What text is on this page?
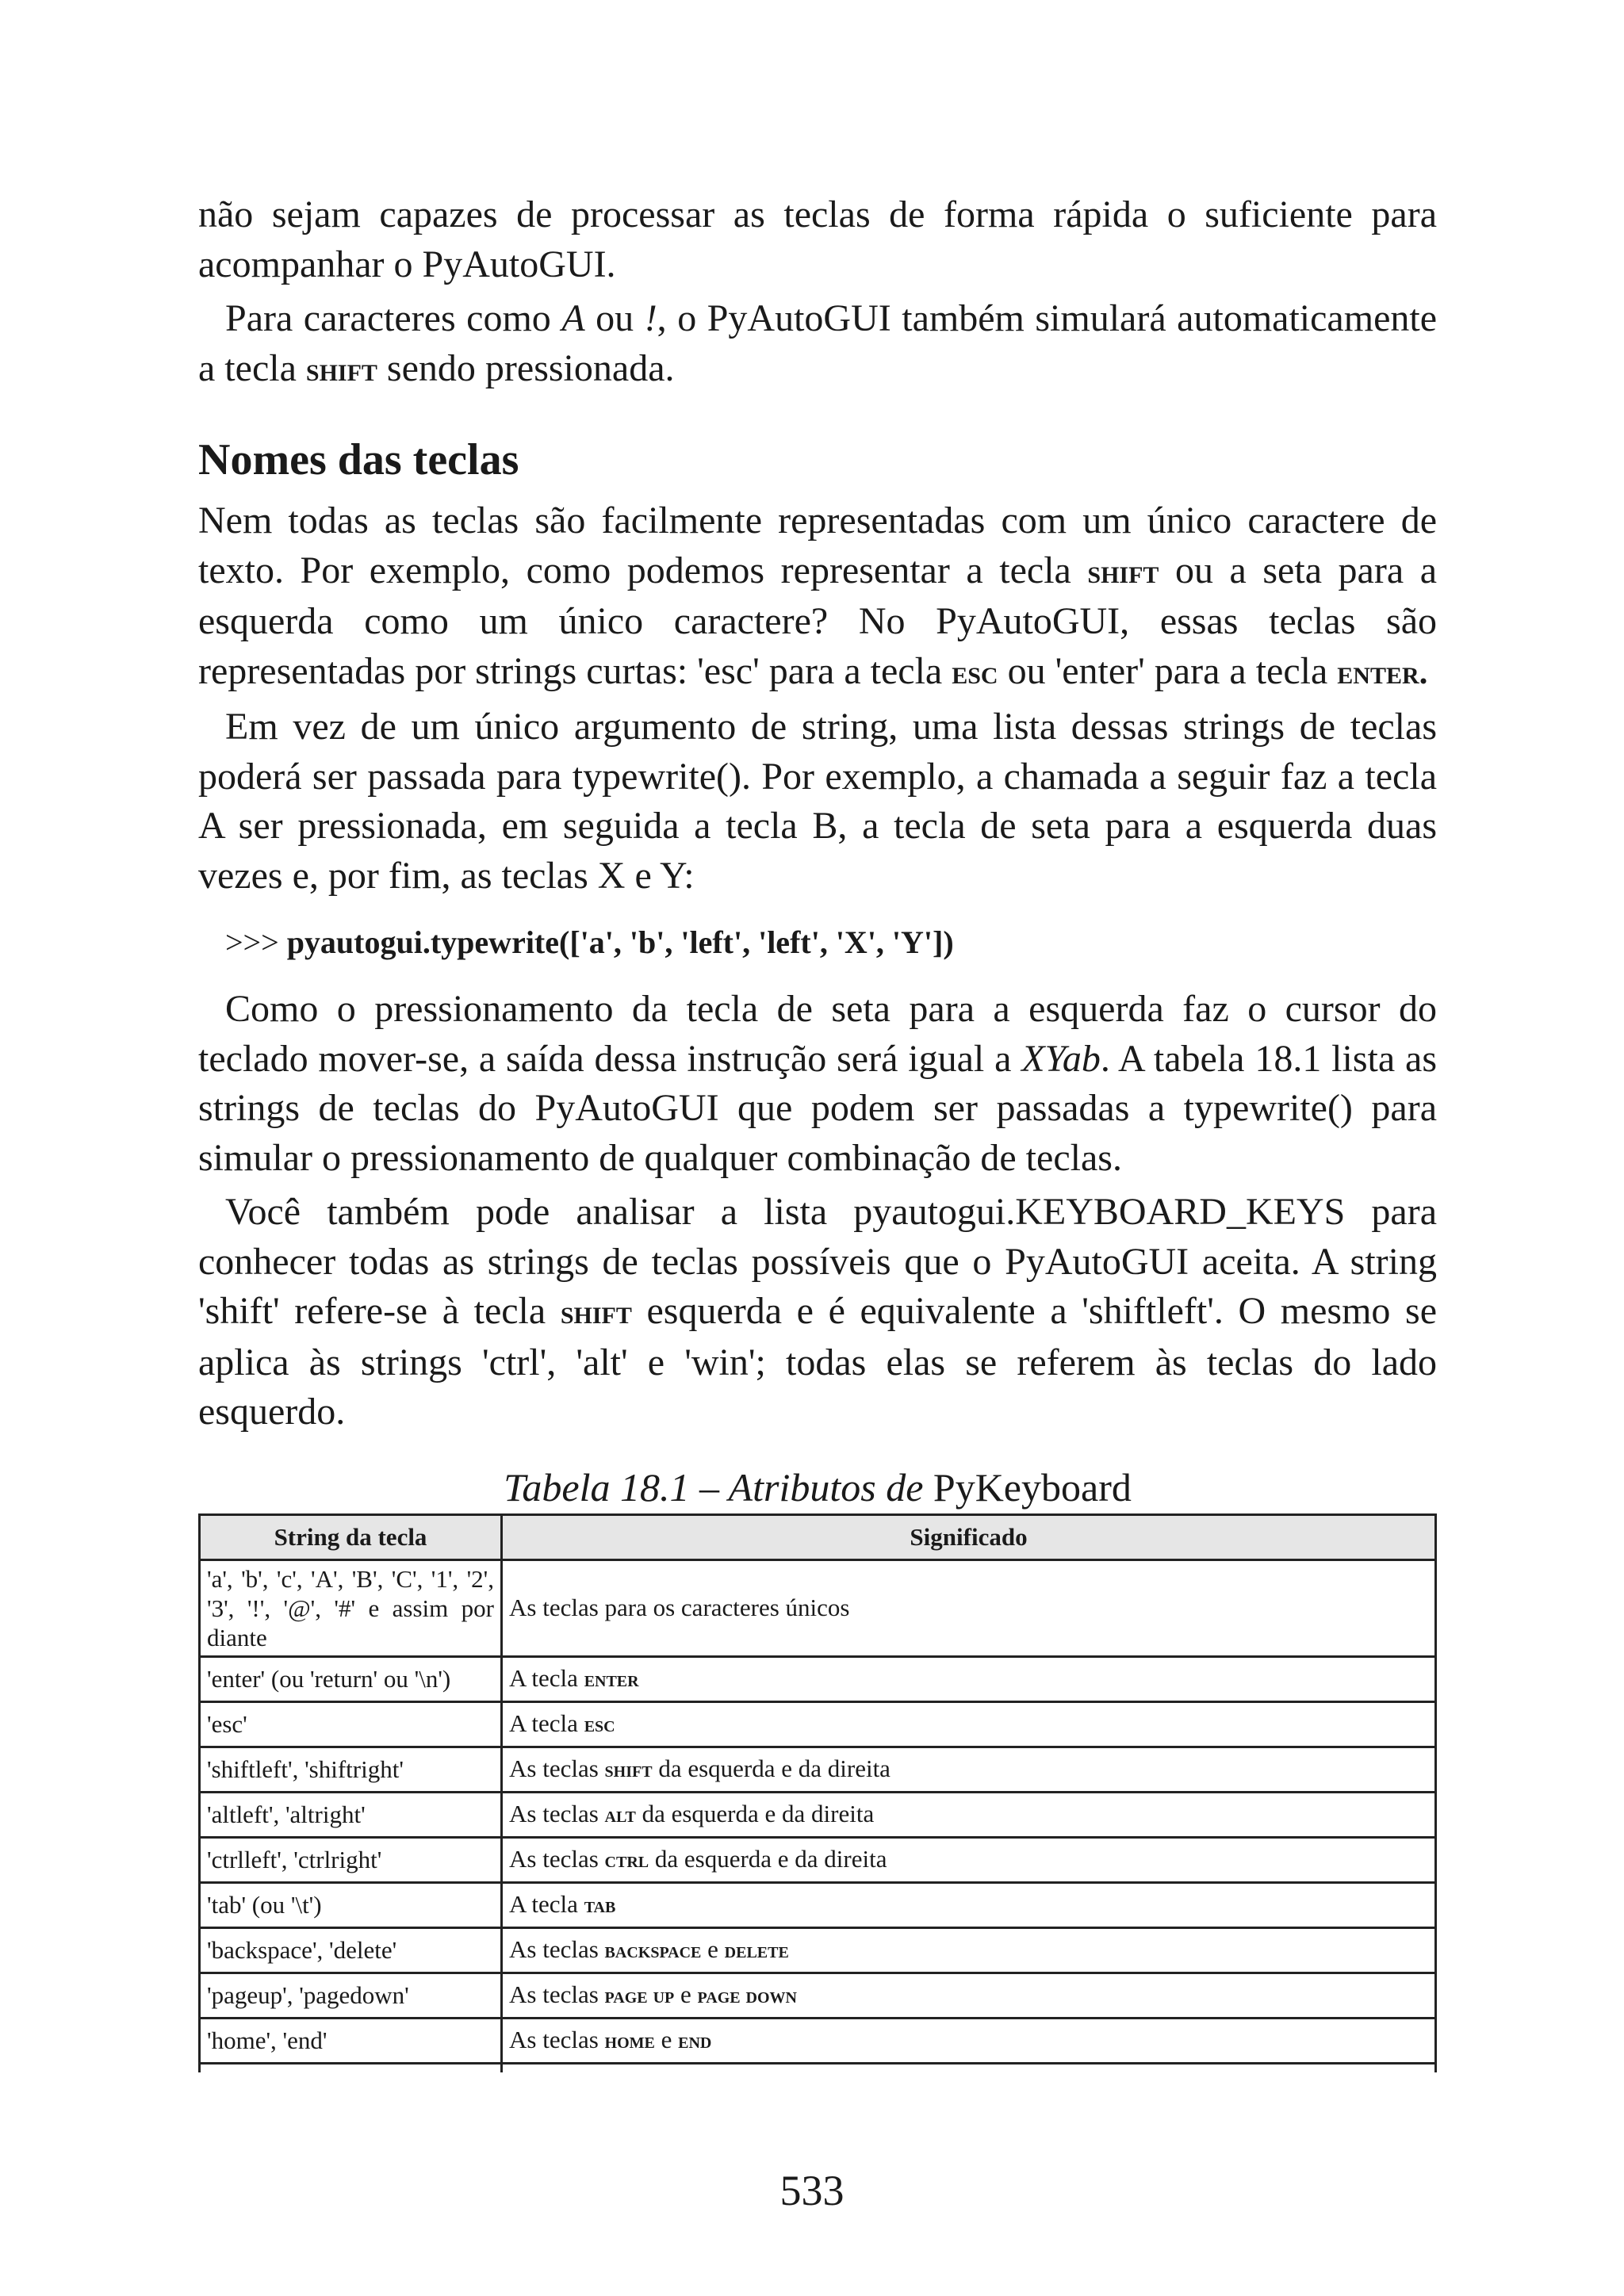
não sejam capazes de processar as teclas de forma rápida o suficiente para acompanhar o PyAutoGUI.

Para caracteres como A ou !, o PyAutoGUI também simulará automaticamente a tecla shift sendo pressionada.

Nomes das teclas

Nem todas as teclas são facilmente representadas com um único caractere de texto. Por exemplo, como podemos representar a tecla shift ou a seta para a esquerda como um único caractere? No PyAutoGUI, essas teclas são representadas por strings curtas: 'esc' para a tecla esc ou 'enter' para a tecla enter.

Em vez de um único argumento de string, uma lista dessas strings de teclas poderá ser passada para typewrite(). Por exemplo, a chamada a seguir faz a tecla A ser pressionada, em seguida a tecla B, a tecla de seta para a esquerda duas vezes e, por fim, as teclas X e Y:

>>> pyautogui.typewrite(['a', 'b', 'left', 'left', 'X', 'Y'])

Como o pressionamento da tecla de seta para a esquerda faz o cursor do teclado mover-se, a saída dessa instrução será igual a XYab. A tabela 18.1 lista as strings de teclas do PyAutoGUI que podem ser passadas a typewrite() para simular o pressionamento de qualquer combinação de teclas.

Você também pode analisar a lista pyautogui.KEYBOARD_KEYS para conhecer todas as strings de teclas possíveis que o PyAutoGUI aceita. A string 'shift' refere-se à tecla shift esquerda e é equivalente a 'shiftleft'. O mesmo se aplica às strings 'ctrl', 'alt' e 'win'; todas elas se referem às teclas do lado esquerdo.

Tabela 18.1 – Atributos de PyKeyboard
String da tecla	Significado
'a', 'b', 'c', 'A', 'B', 'C', '1', '2', '3', '!', '@', '#' e assim por diante	As teclas para os caracteres únicos
'enter' (ou 'return' ou '\n')	A tecla enter
'esc'	A tecla esc
'shiftleft', 'shiftright'	As teclas shift da esquerda e da direita
'altleft', 'altright'	As teclas alt da esquerda e da direita
'ctrlleft', 'ctrlright'	As teclas ctrl da esquerda e da direita
'tab' (ou '\t')	A tecla tab
'backspace', 'delete'	As teclas backspace e delete
'pageup', 'pagedown'	As teclas page up e page down
'home', 'end'	As teclas home e end

533
